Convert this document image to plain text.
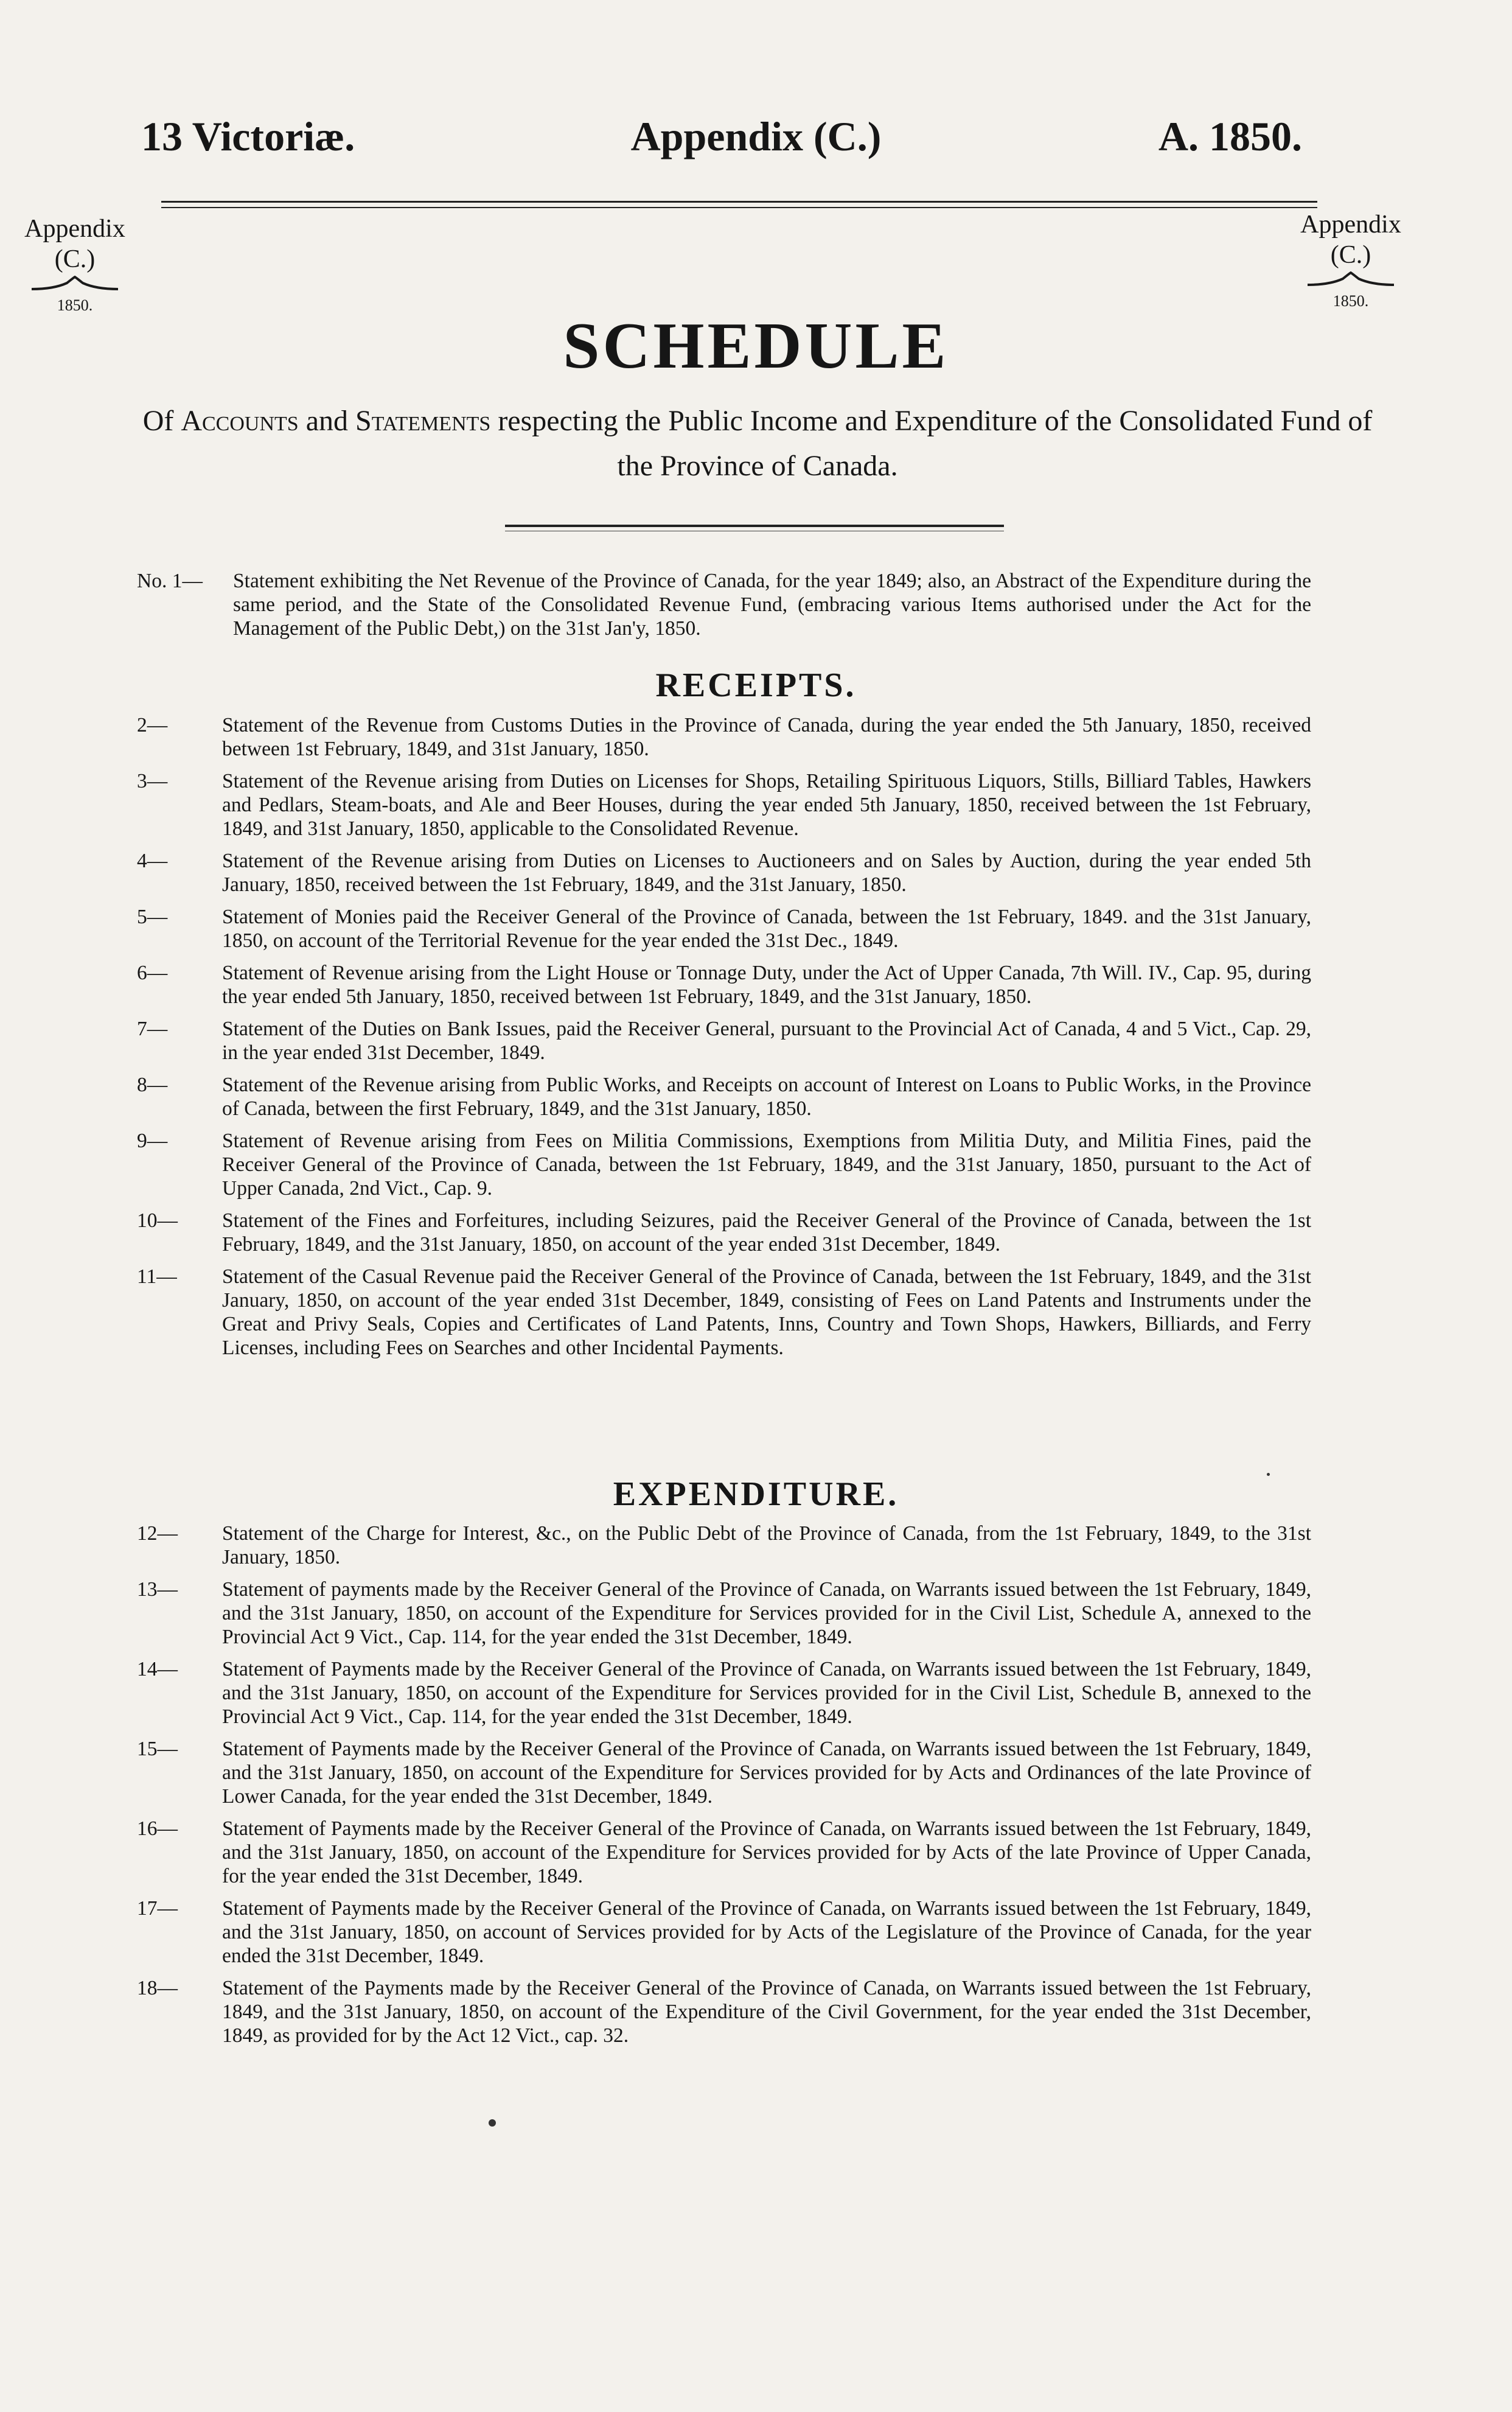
13 Victoriæ.	Appendix (C.)	A. 1850.
Appendix
(C.)
1850.
Appendix
(C.)
1850.
SCHEDULE
Of Accounts and Statements respecting the Public Income and Expenditure of the Consolidated Fund of the Province of Canada.
No. 1 —	Statement exhibiting the Net Revenue of the Province of Canada, for the year 1849; also, an Abstract of the Expenditure during the same period, and the State of the Consolidated Revenue Fund, (embracing various Items authorised under the Act for the Management of the Public Debt,) on the 31st Jan'y, 1850.
RECEIPTS.
2 —	Statement of the Revenue from Customs Duties in the Province of Canada, during the year ended the 5th January, 1850, received between 1st February, 1849, and 31st January, 1850.
3 —	Statement of the Revenue arising from Duties on Licenses for Shops, Retailing Spirituous Liquors, Stills, Billiard Tables, Hawkers and Pedlars, Steam-boats, and Ale and Beer Houses, during the year ended 5th January, 1850, received between the 1st February, 1849, and 31st January, 1850, applicable to the Consolidated Revenue.
4 —	Statement of the Revenue arising from Duties on Licenses to Auctioneers and on Sales by Auction, during the year ended 5th January, 1850, received between the 1st February, 1849, and the 31st January, 1850.
5 —	Statement of Monies paid the Receiver General of the Province of Canada, between the 1st February, 1849. and the 31st January, 1850, on account of the Territorial Revenue for the year ended the 31st Dec., 1849.
6 —	Statement of Revenue arising from the Light House or Tonnage Duty, under the Act of Upper Canada, 7th Will. IV., Cap. 95, during the year ended 5th January, 1850, received between 1st February, 1849, and the 31st January, 1850.
7 —	Statement of the Duties on Bank Issues, paid the Receiver General, pursuant to the Provincial Act of Canada, 4 and 5 Vict., Cap. 29, in the year ended 31st December, 1849.
8 —	Statement of the Revenue arising from Public Works, and Receipts on account of Interest on Loans to Public Works, in the Province of Canada, between the first February, 1849, and the 31st January, 1850.
9 —	Statement of Revenue arising from Fees on Militia Commissions, Exemptions from Militia Duty, and Militia Fines, paid the Receiver General of the Province of Canada, between the 1st February, 1849, and the 31st January, 1850, pursuant to the Act of Upper Canada, 2nd Vict., Cap. 9.
10 —	Statement of the Fines and Forfeitures, including Seizures, paid the Receiver General of the Province of Canada, between the 1st February, 1849, and the 31st January, 1850, on account of the year ended 31st December, 1849.
11 —	Statement of the Casual Revenue paid the Receiver General of the Province of Canada, between the 1st February, 1849, and the 31st January, 1850, on account of the year ended 31st December, 1849, consisting of Fees on Land Patents and Instruments under the Great and Privy Seals, Copies and Certificates of Land Patents, Inns, Country and Town Shops, Hawkers, Billiards, and Ferry Licenses, including Fees on Searches and other Incidental Payments.
EXPENDITURE.
12 —	Statement of the Charge for Interest, &c., on the Public Debt of the Province of Canada, from the 1st February, 1849, to the 31st January, 1850.
13 —	Statement of payments made by the Receiver General of the Province of Canada, on Warrants issued between the 1st February, 1849, and the 31st January, 1850, on account of the Expenditure for Services provided for in the Civil List, Schedule A, annexed to the Provincial Act 9 Vict., Cap. 114, for the year ended the 31st December, 1849.
14 —	Statement of Payments made by the Receiver General of the Province of Canada, on Warrants issued between the 1st February, 1849, and the 31st January, 1850, on account of the Expenditure for Services provided for in the Civil List, Schedule B, annexed to the Provincial Act 9 Vict., Cap. 114, for the year ended the 31st December, 1849.
15 —	Statement of Payments made by the Receiver General of the Province of Canada, on Warrants issued between the 1st February, 1849, and the 31st January, 1850, on account of the Expenditure for Services provided for by Acts and Ordinances of the late Province of Lower Canada, for the year ended the 31st December, 1849.
16 —	Statement of Payments made by the Receiver General of the Province of Canada, on Warrants issued between the 1st February, 1849, and the 31st January, 1850, on account of the Expenditure for Services provided for by Acts of the late Province of Upper Canada, for the year ended the 31st December, 1849.
17 —	Statement of Payments made by the Receiver General of the Province of Canada, on Warrants issued between the 1st February, 1849, and the 31st January, 1850, on account of Services provided for by Acts of the Legislature of the Province of Canada, for the year ended the 31st December, 1849.
18 —	Statement of the Payments made by the Receiver General of the Province of Canada, on Warrants issued between the 1st February, 1849, and the 31st January, 1850, on account of the Expenditure of the Civil Government, for the year ended the 31st December, 1849, as provided for by the Act 12 Vict., cap. 32.
